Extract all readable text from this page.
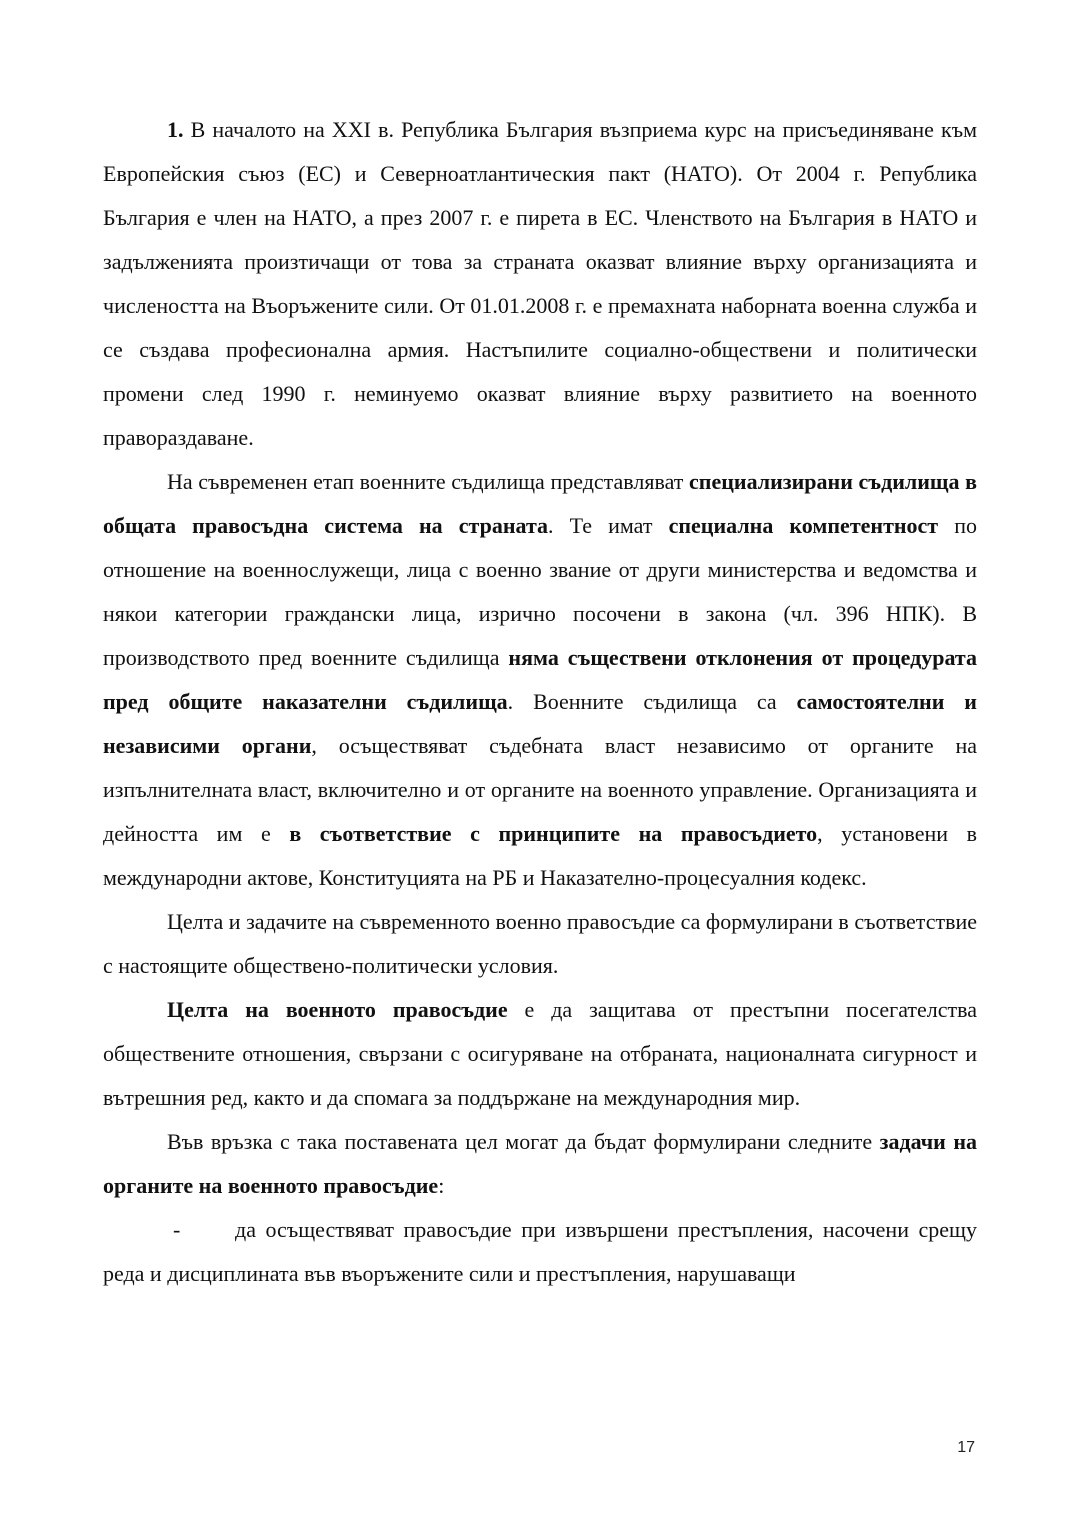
1. В началото на XXI в. Република България възприема курс на присъединяване към Европейския съюз (ЕС) и Северноатлантическия пакт (НАТО). От 2004 г. Република България е член на НАТО, а през 2007 г. е пирета в ЕС. Членството на България в НАТО и задълженията произтичащи от това за страната оказват влияние върху организацията и числеността на Въоръжените сили. От 01.01.2008 г. е премахната наборната военна служба и се създава професионална армия. Настъпилите социално-обществени и политически промени след 1990 г. неминуемо оказват влияние върху развитието на военното правораздаване.

На съвременен етап военните съдилища представляват специализирани съдилища в общата правосъдна система на страната. Те имат специална компетентност по отношение на военнослужещи, лица с военно звание от други министерства и ведомства и някои категории граждански лица, изрично посочени в закона (чл. 396 НПК). В производството пред военните съдилища няма съществени отклонения от процедурата пред общите наказателни съдилища. Военните съдилища са самостоятелни и независими органи, осъществяват съдебната власт независимо от органите на изпълнителната власт, включително и от органите на военното управление. Организацията и дейността им е в съответствие с принципите на правосъдието, установени в международни актове, Конституцията на РБ и Наказателно-процесуалния кодекс.

Целта и задачите на съвременното военно правосъдие са формулирани в съответствие с настоящите обществено-политически условия.

Целта на военното правосъдие е да защитава от престъпни посегателства обществените отношения, свързани с осигуряване на отбраната, националната сигурност и вътрешния ред, както и да спомага за поддържане на международния мир.

Във връзка с така поставената цел могат да бъдат формулирани следните задачи на органите на военното правосъдие:

- да осъществяват правосъдие при извършени престъпления, насочени срещу реда и дисциплината във въоръжените сили и престъпления, нарушаващи

17
